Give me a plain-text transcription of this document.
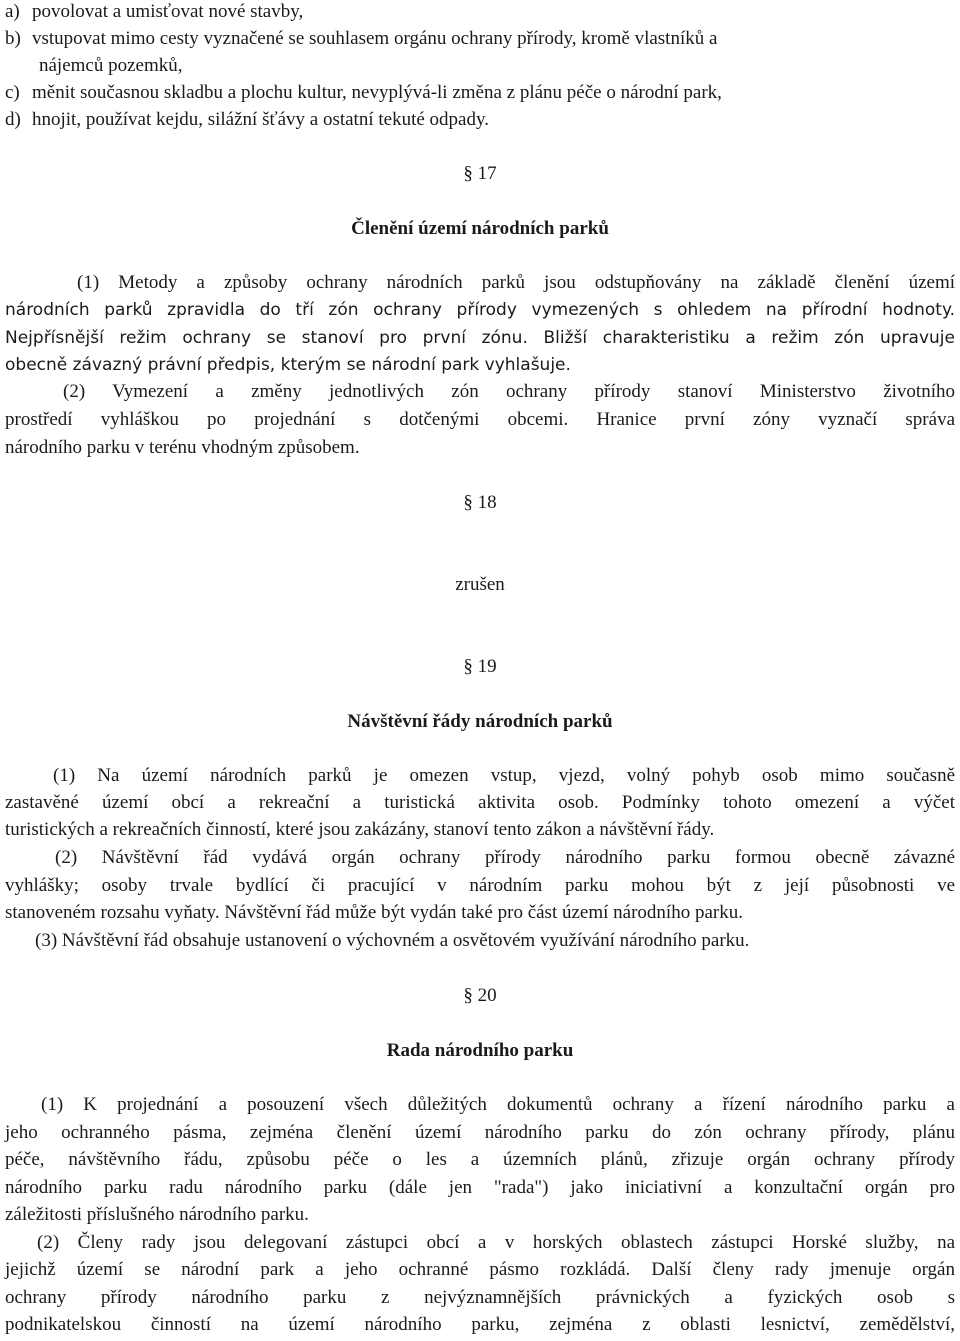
a) povolovat a umisťovat nové stavby,
b) vstupovat mimo cesty vyznačené se souhlasem orgánu ochrany přírody, kromě vlastníků a
nájemců pozemků,
c) měnit současnou skladbu a plochu kultur, nevyplývá-li změna z plánu péče o národní park,
d) hnojit, používat kejdu, silážní šťávy a ostatní tekuté odpady.
§ 17
Členění území národních parků
(1) Metody a způsoby ochrany národních parků jsou odstupňovány na základě členění území
národních parků zpravidla do tří zón ochrany přírody vymezených s ohledem na přírodní hodnoty.
Nejpřísnější režim ochrany se stanoví pro první zónu. Bližší charakteristiku a režim zón upravuje
obecně závazný právní předpis, kterým se národní park vyhlašuje.
(2) Vymezení a změny jednotlivých zón ochrany přírody stanoví Ministerstvo životního
prostředí vyhláškou po projednání s dotčenými obcemi. Hranice první zóny vyznačí správa
národního parku v terénu vhodným způsobem.
§ 18
zrušen
§ 19
Návštěvní řády národních parků
(1) Na území národních parků je omezen vstup, vjezd, volný pohyb osob mimo současně
zastavěné území obcí a rekreační a turistická aktivita osob. Podmínky tohoto omezení a výčet
turistických a rekreačních činností, které jsou zakázány, stanoví tento zákon a návštěvní řády.
(2) Návštěvní řád vydává orgán ochrany přírody národního parku formou obecně závazné
vyhlášky; osoby trvale bydlící či pracující v národním parku mohou být z její působnosti ve
stanoveném rozsahu vyňaty. Návštěvní řád může být vydán také pro část území národního parku.
(3) Návštěvní řád obsahuje ustanovení o výchovném a osvětovém využívání národního parku.
§ 20
Rada národního parku
(1) K projednání a posouzení všech důležitých dokumentů ochrany a řízení národního parku a
jeho ochranného pásma, zejména členění území národního parku do zón ochrany přírody, plánu
péče, návštěvního řádu, způsobu péče o les a územních plánů, zřizuje orgán ochrany přírody
národního parku radu národního parku (dále jen "rada") jako iniciativní a konzultační orgán pro
záležitosti příslušného národního parku.
(2) Členy rady jsou delegovaní zástupci obcí a v horských oblastech zástupci Horské služby, na
jejichž území se národní park a jeho ochranné pásmo rozkládá. Další členy rady jmenuje orgán
ochrany přírody národního parku z nejvýznamnějších právnických a fyzických osob s
podnikatelskou činností na území národního parku, zejména z oblasti lesnictví, zemědělství,
